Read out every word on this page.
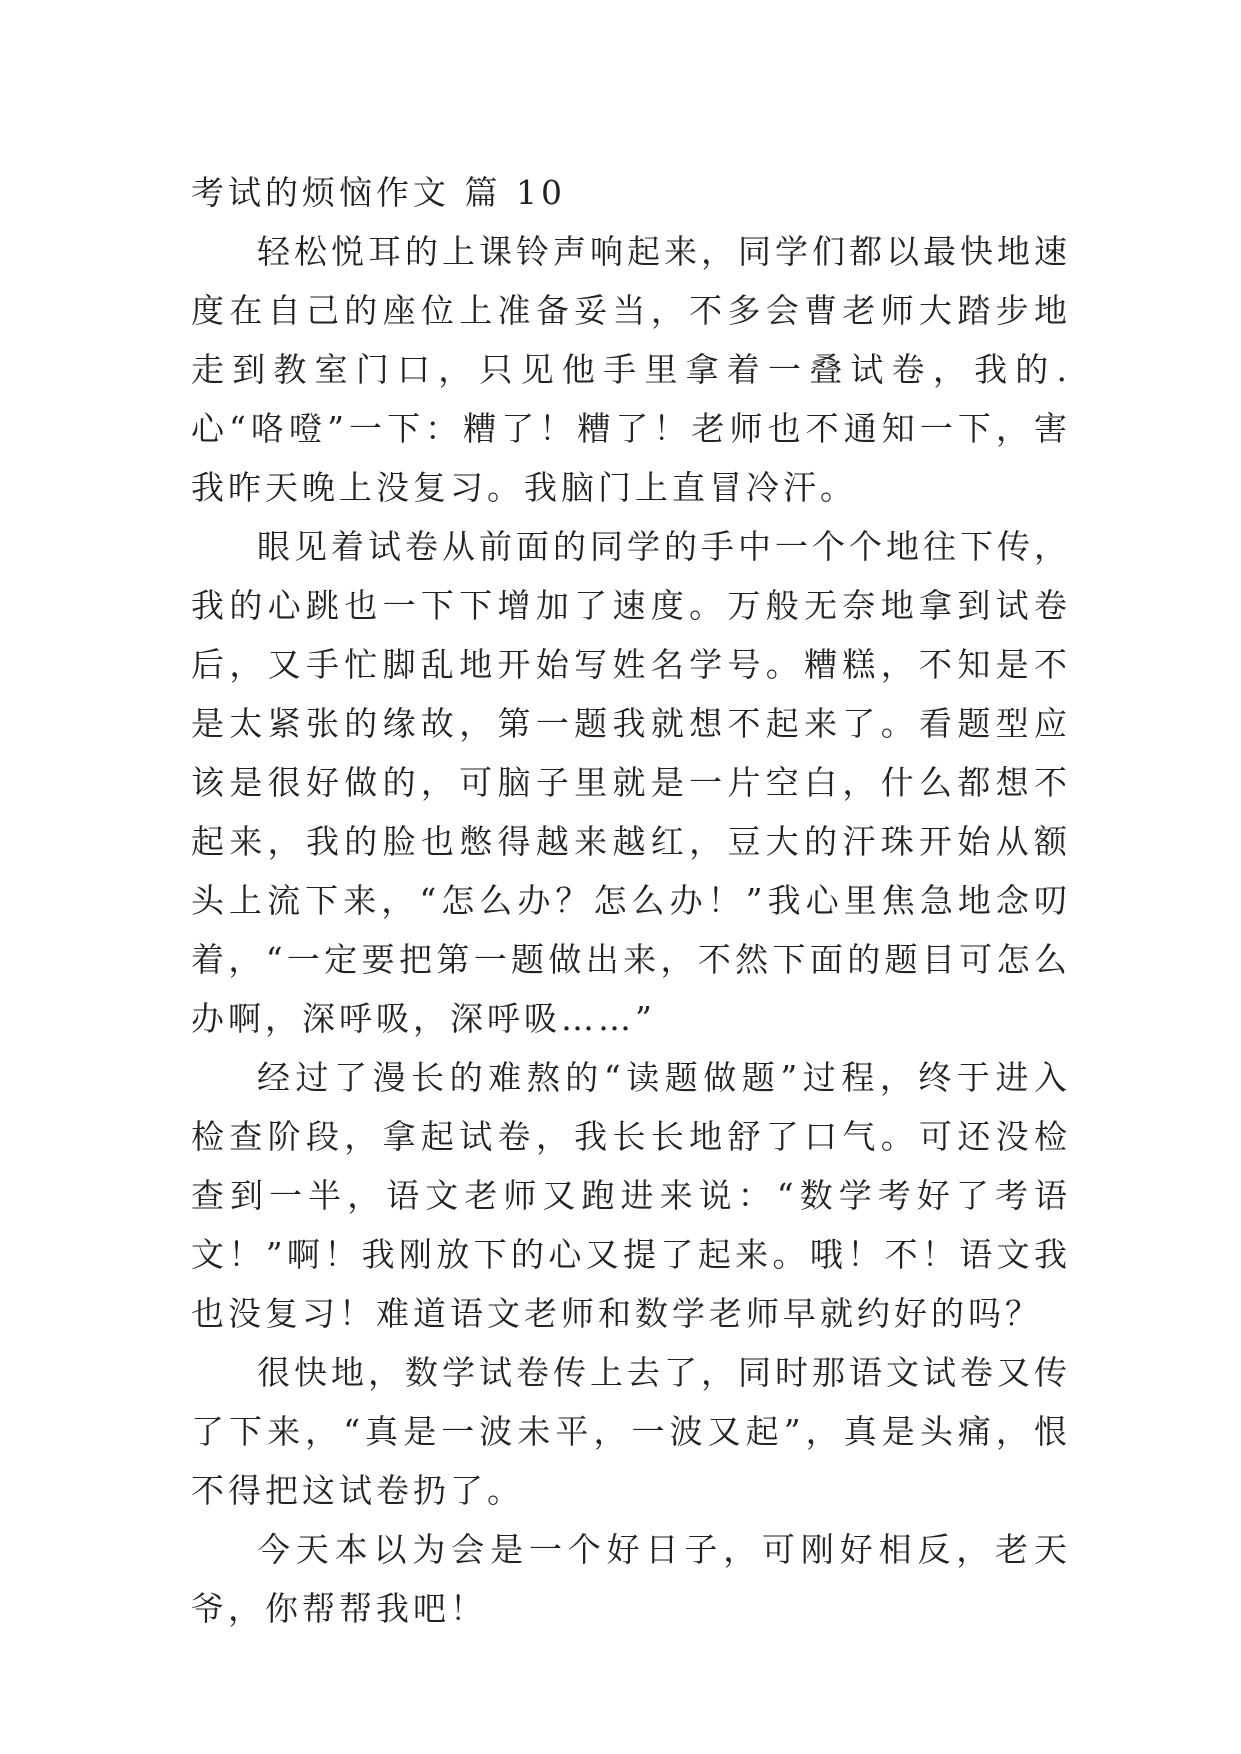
考试的烦恼作文 篇 10

轻松悦耳的上课铃声响起来，同学们都以最快地速度在自己的座位上准备妥当，不多会曹老师大踏步地走到教室门口，只见他手里拿着一叠试卷，我的.心“咯噔”一下：糟了！糟了！老师也不通知一下，害我昨天晚上没复习。我脑门上直冒冷汗。

眼见着试卷从前面的同学的手中一个个地往下传，我的心跳也一下下增加了速度。万般无奈地拿到试卷后，又手忙脚乱地开始写姓名学号。糟糕，不知是不是太紧张的缘故，第一题我就想不起来了。看题型应该是很好做的，可脑子里就是一片空白，什么都想不起来，我的脸也憋得越来越红，豆大的汗珠开始从额头上流下来，“怎么办？怎么办！”我心里焦急地念叨着，“一定要把第一题做出来，不然下面的题目可怎么办啊，深呼吸，深呼吸……”

经过了漫长的难熬的“读题做题”过程，终于进入检查阶段，拿起试卷，我长长地舒了口气。可还没检查到一半，语文老师又跑进来说：“数学考好了考语文！”啊！我刚放下的心又提了起来。哦！不！语文我也没复习！难道语文老师和数学老师早就约好的吗？

很快地，数学试卷传上去了，同时那语文试卷又传了下来，“真是一波未平，一波又起”，真是头痛，恨不得把这试卷扔了。

今天本以为会是一个好日子，可刚好相反，老天爷，你帮帮我吧！
